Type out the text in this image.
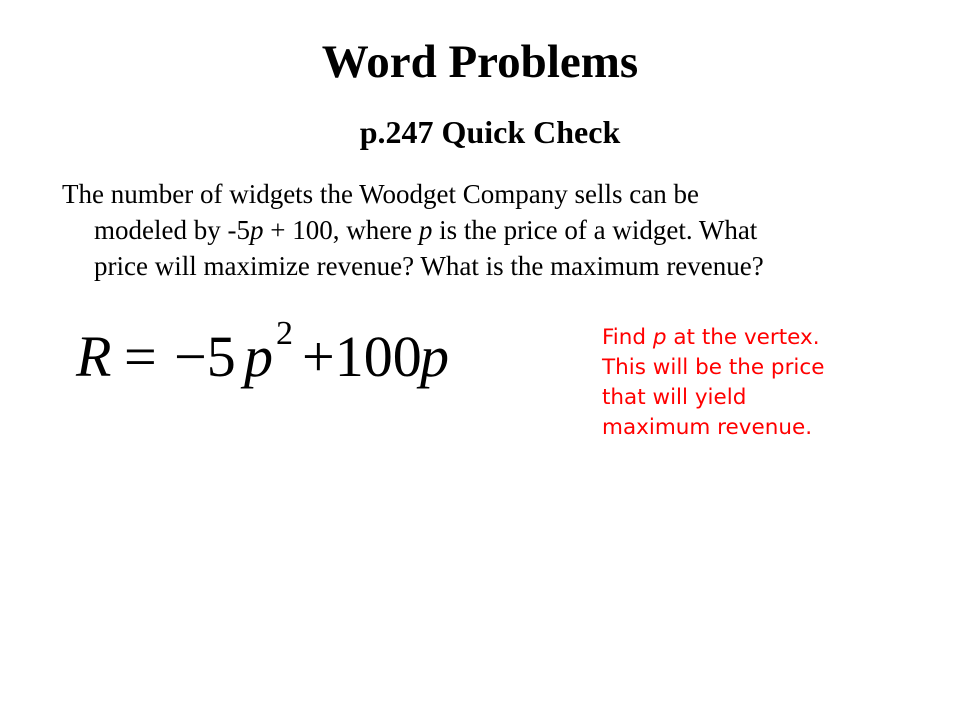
Word Problems
p.247 Quick Check
The number of widgets the Woodget Company sells can be
modeled by -5p + 100, where p is the price of a widget. What
price will maximize revenue? What is the maximum revenue?
R = −5 p 2 +100
p	Find p at the vertex.
This will be the price
that will yield
maximum revenue.
